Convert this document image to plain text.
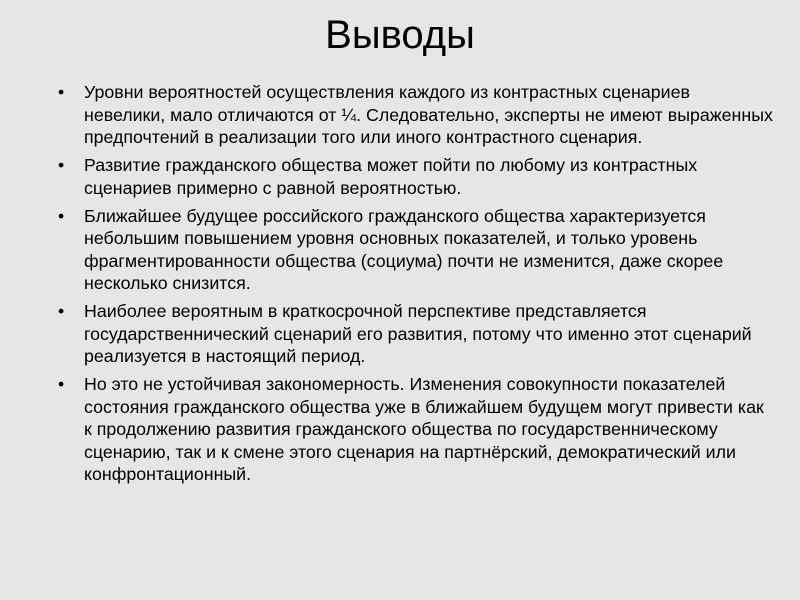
Выводы
•	Уровни вероятностей осуществления каждого из контрастных сценариев невелики, мало отличаются от ¼. Следовательно, эксперты не имеют выраженных предпочтений в реализации того или иного контрастного сценария.
•	Развитие гражданского общества может пойти по любому из контрастных сценариев примерно с равной вероятностью.
•	Ближайшее будущее российского гражданского общества характеризуется небольшим повышением уровня основных показателей, и только уровень фрагментированности общества (социума) почти не изменится, даже скорее несколько снизится.
•	Наиболее вероятным в краткосрочной перспективе представляется государственнический сценарий его развития, потому что именно этот сценарий реализуется в настоящий период.
•	Но это не устойчивая закономерность. Изменения совокупности показателей состояния гражданского общества уже в ближайшем будущем могут привести как к продолжению развития гражданского общества по государственническому сценарию, так и к смене этого сценария на партнёрский, демократический или конфронтационный.
